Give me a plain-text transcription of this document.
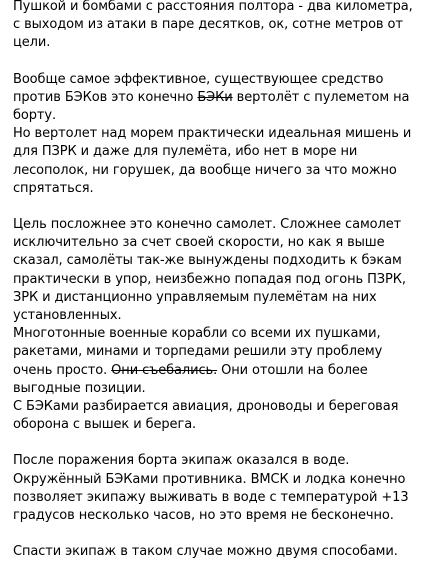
Пушкой и бомбами с расстояния полтора - два километра, с выходом из атаки в паре десятков, ок, сотне метров от цели.

Вообще самое эффективное, существующее средство против БЭКов это конечно БЭКи вертолёт с пулеметом на борту.

Но вертолет над морем практически идеальная мишень и для ПЗРК и даже для пулемёта, ибо нет в море ни лесополок, ни горушек, да вообще ничего за что можно спрятаться.

Цель посложнее это конечно самолет. Сложнее самолет исключительно за счет своей скорости, но как я выше сказал, самолёты так-же вынуждены подходить к бэкам практически в упор, неизбежно попадая под огонь ПЗРК, ЗРК и дистанционно управляемым пулемётам на них установленных.

Многотонные военные корабли со всеми их пушками, ракетами, минами и торпедами решили эту проблему очень просто. Они съебались. Они отошли на более выгодные позиции.

С БЭКами разбирается авиация, дроноводы и береговая оборона с вышек и берега.

После поражения борта экипаж оказался в воде. Окружённый БЭКами противника. ВМСК и лодка конечно позволяет экипажу выживать в воде с температурой +13 градусов несколько часов, но это время не бесконечно.

Спасти экипаж в таком случае можно двумя способами.
